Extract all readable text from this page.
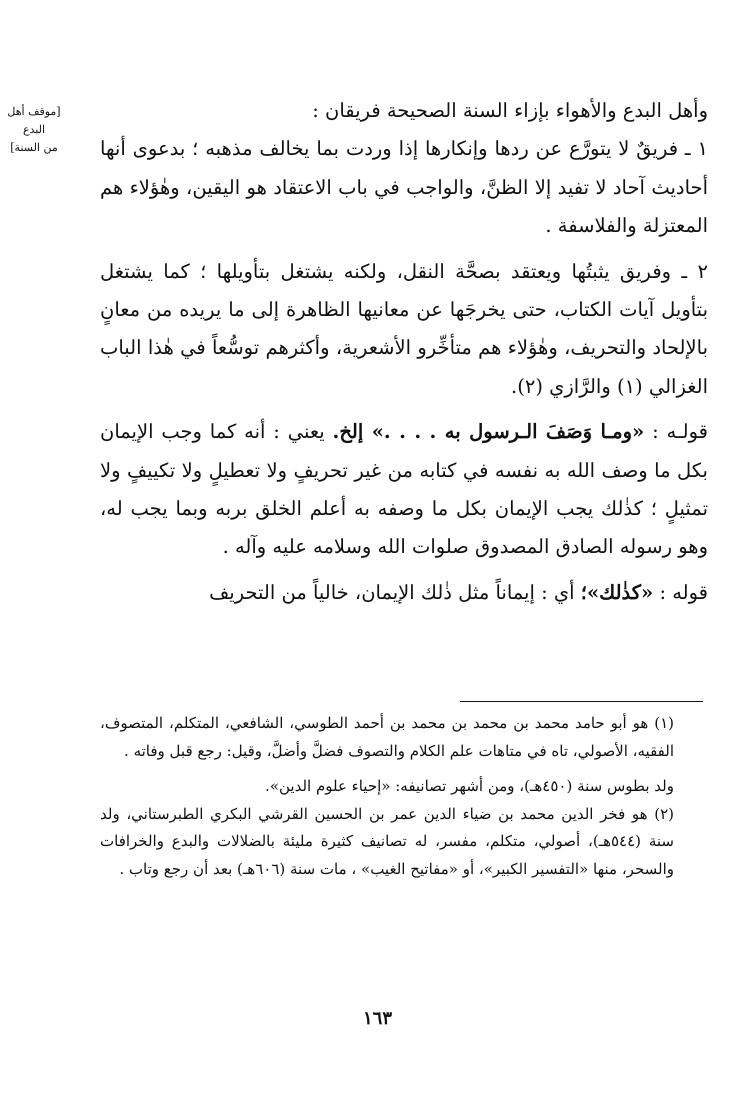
[موقف أهل البدع
من السنة]

وأهل البدع والأهواء بإزاء السنة الصحيحة فريقان :

١ ـ فريقٌ لا يتورَّع عن ردها وإنكارها إذا وردت بما يخالف مذهبه ؛ بدعوى أنها أحاديث آحاد لا تفيد إلا الظنَّ، والواجب في باب الاعتقاد هو اليقين، وهٰؤلاء هم المعتزلة والفلاسفة .

٢ ـ وفريق يثبتُها ويعتقد بصحَّة النقل، ولكنه يشتغل بتأويلها ؛ كما يشتغل بتأويل آيات الكتاب، حتى يخرجَها عن معانيها الظاهرة إلى ما يريده من معانٍ بالإلحاد والتحريف، وهٰؤلاء هم متأخِّرو الأشعرية، وأكثرهم توسُّعاً في هٰذا الباب الغزالي (١) والرَّازي (٢).

قولـه : «ومـا وَصَفَ الـرسول به . . . .» إلخ. يعني : أنه كما وجب الإيمان بكل ما وصف الله به نفسه في كتابه من غير تحريفٍ ولا تعطيلٍ ولا تكييفٍ ولا تمثيلٍ ؛ كذٰلك يجب الإيمان بكل ما وصفه به أعلم الخلق بربه وبما يجب له، وهو رسوله الصادق المصدوق صلوات الله وسلامه عليه وآله .

قوله : «كذٰلك»؛ أي : إيماناً مثل ذٰلك الإيمان، خالياً من التحريف

(١) هو أبو حامد محمد بن محمد بن محمد بن أحمد الطوسي، الشافعي، المتكلم، المتصوف، الفقيه، الأصولي، تاه في متاهات علم الكلام والتصوف فضلَّ وأضلَّ، وقيل: رجع قبل وفاته .

ولد بطوس سنة (٤٥٠هـ)، ومن أشهر تصانيفه: «إحياء علوم الدين».

(٢) هو فخر الدين محمد بن ضياء الدين عمر بن الحسين القرشي البكري الطبرستاني، ولد سنة (٥٤٤هـ)، أصولي، متكلم، مفسر، له تصانيف كثيرة مليئة بالضلالات والبدع والخرافات والسحر، منها «التفسير الكبير»، أو «مفاتيح الغيب» ، مات سنة (٦٠٦هـ) بعد أن رجع وتاب .

١٦٣
